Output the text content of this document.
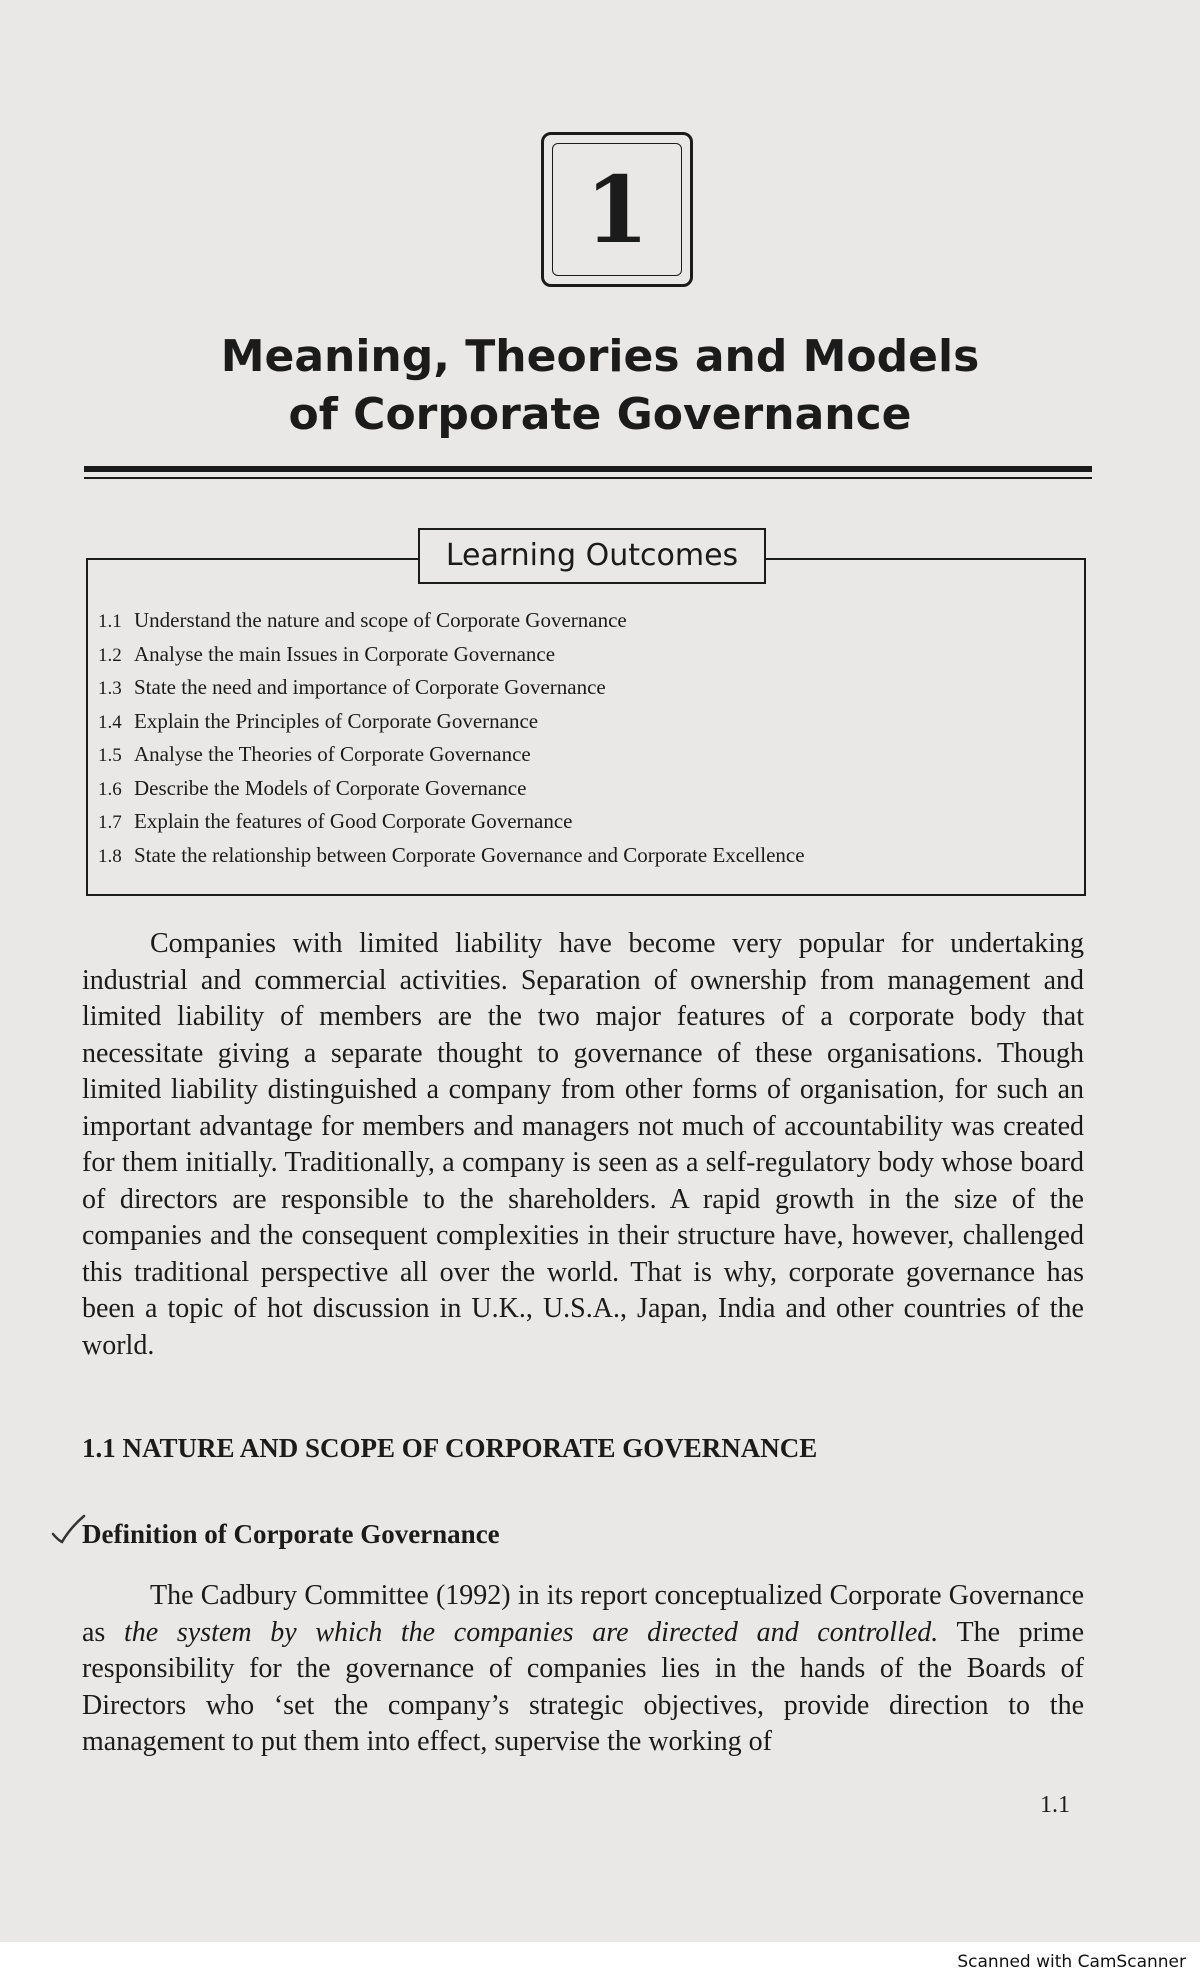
1
Meaning, Theories and Models
of Corporate Governance
Learning Outcomes
1.1 Understand the nature and scope of Corporate Governance
1.2 Analyse the main Issues in Corporate Governance
1.3 State the need and importance of Corporate Governance
1.4 Explain the Principles of Corporate Governance
1.5 Analyse the Theories of Corporate Governance
1.6 Describe the Models of Corporate Governance
1.7 Explain the features of Good Corporate Governance
1.8 State the relationship between Corporate Governance and Corporate Excellence

Companies with limited liability have become very popular for undertaking industrial and commercial activities. Separation of ownership from management and limited liability of members are the two major features of a corporate body that necessitate giving a separate thought to governance of these organisations. Though limited liability distinguished a company from other forms of organisation, for such an important advantage for members and managers not much of accountability was created for them initially. Traditionally, a company is seen as a self-regulatory body whose board of directors are responsible to the shareholders. A rapid growth in the size of the companies and the consequent complexities in their structure have, however, challenged this traditional perspective all over the world. That is why, corporate governance has been a topic of hot discussion in U.K., U.S.A., Japan, India and other countries of the world.

1.1 NATURE AND SCOPE OF CORPORATE GOVERNANCE
Definition of Corporate Governance

The Cadbury Committee (1992) in its report conceptualized Corporate Governance as the system by which the companies are directed and controlled. The prime responsibility for the governance of companies lies in the hands of the Boards of Directors who ‘set the company’s strategic objectives, provide direction to the management to put them into effect, supervise the working of

1.1
Scanned with CamScanner
